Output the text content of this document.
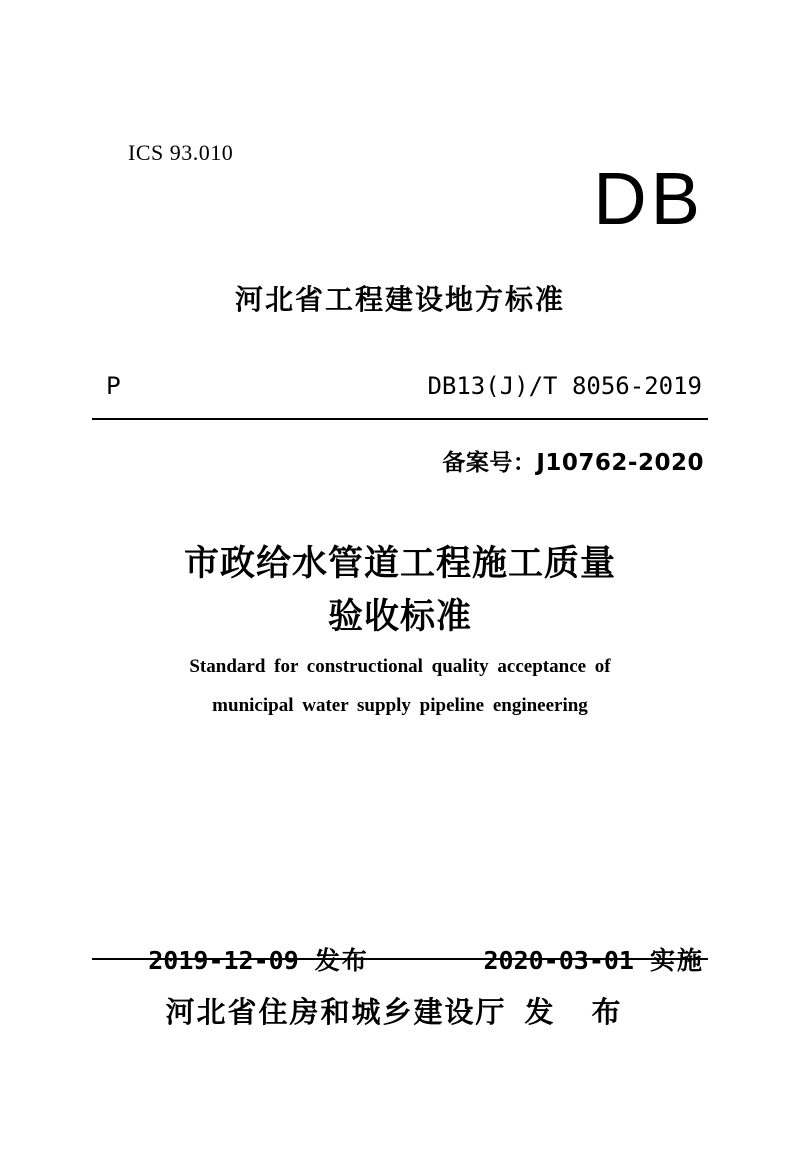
ICS 93.010
DB
河北省工程建设地方标准
P	DB13(J)/T 8056-2019
备案号：J10762-2020
市政给水管道工程施工质量
验收标准
Standard for constructional quality acceptance of
municipal water supply pipeline engineering

2019-12-09 发布
	2020-03-01 实施

河北省住房和城乡建设厅 发 布
